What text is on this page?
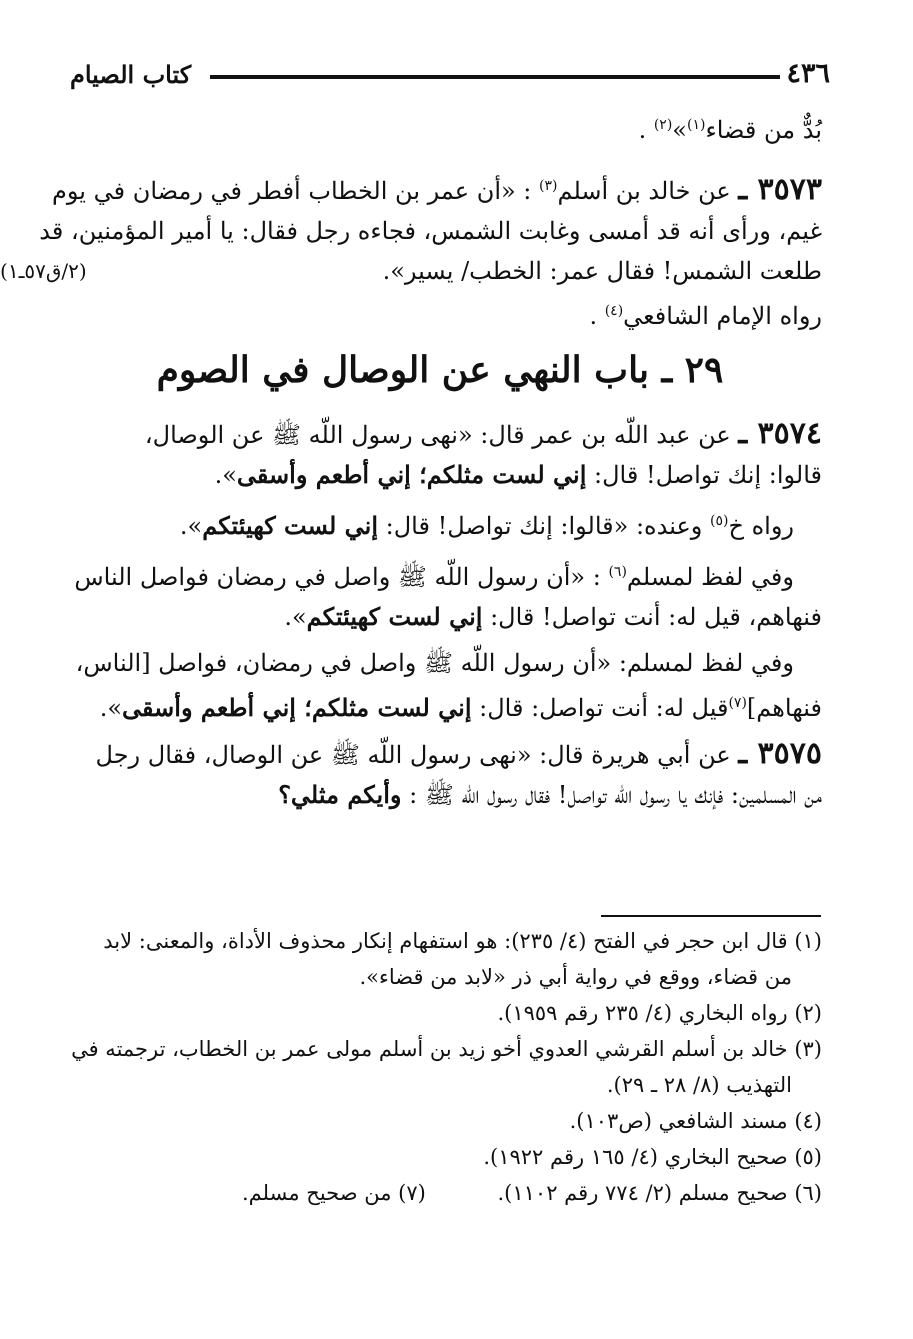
٤٣٦
كتاب الصيام

بُدٌّ من قضاء$^{(١)}$»$^{(٢)}$ .

٣٥٧٣ ـ عن خالد بن أسلم$^{(٣)}$ : «أن عمر بن الخطاب أفطر في رمضان في يوم

غيم، ورأى أنه قد أمسى وغابت الشمس، فجاءه رجل فقال: يا أمير المؤمنين، قد

طلعت الشمس! فقال عمر: الخطب/ يسير».
(٢/ق٥٧ـ١)

رواه الإمام الشافعي$^{(٤)}$ .

٢٩ ـ باب النهي عن الوصال في الصوم

٣٥٧٤ ـ عن عبد اللّه بن عمر قال: «نهى رسول اللّه ﷺ عن الوصال،

قالوا: إنك تواصل! قال: إني لست مثلكم؛ إني أطعم وأسقى».

رواه خ$^{(٥)}$ وعنده: «قالوا: إنك تواصل! قال: إني لست كهيئتكم».

وفي لفظ لمسلم$^{(٦)}$ : «أن رسول اللّه ﷺ واصل في رمضان فواصل الناس

فنهاهم، قيل له: أنت تواصل! قال: إني لست كهيئتكم».

وفي لفظ لمسلم: «أن رسول اللّه ﷺ واصل في رمضان، فواصل [الناس،

فنهاهم]$^{(٧)}$قيل له: أنت تواصل: قال: إني لست مثلكم؛ إني أطعم وأسقى».

٣٥٧٥ ـ عن أبي هريرة قال: «نهى رسول اللّه ﷺ عن الوصال، فقال رجل

من المسلمين: فإنك يا رسول اللّه تواصل! فقال رسول اللّه ﷺ : وأيكم مثلي؟

(١) قال ابن حجر في الفتح (٤/ ٢٣٥): هو استفهام إنكار محذوف الأداة، والمعنى: لابد

من قضاء، ووقع في رواية أبي ذر «لابد من قضاء».

(٢) رواه البخاري (٤/ ٢٣٥ رقم ١٩٥٩).

(٣) خالد بن أسلم القرشي العدوي أخو زيد بن أسلم مولى عمر بن الخطاب، ترجمته في

التهذيب (٨/ ٢٨ ـ ٢٩).

(٤) مسند الشافعي (ص١٠٣).

(٥) صحيح البخاري (٤/ ١٦٥ رقم ١٩٢٢).

(٦) صحيح مسلم (٢/ ٧٧٤ رقم ١١٠٢).
(٧) من صحيح مسلم.
